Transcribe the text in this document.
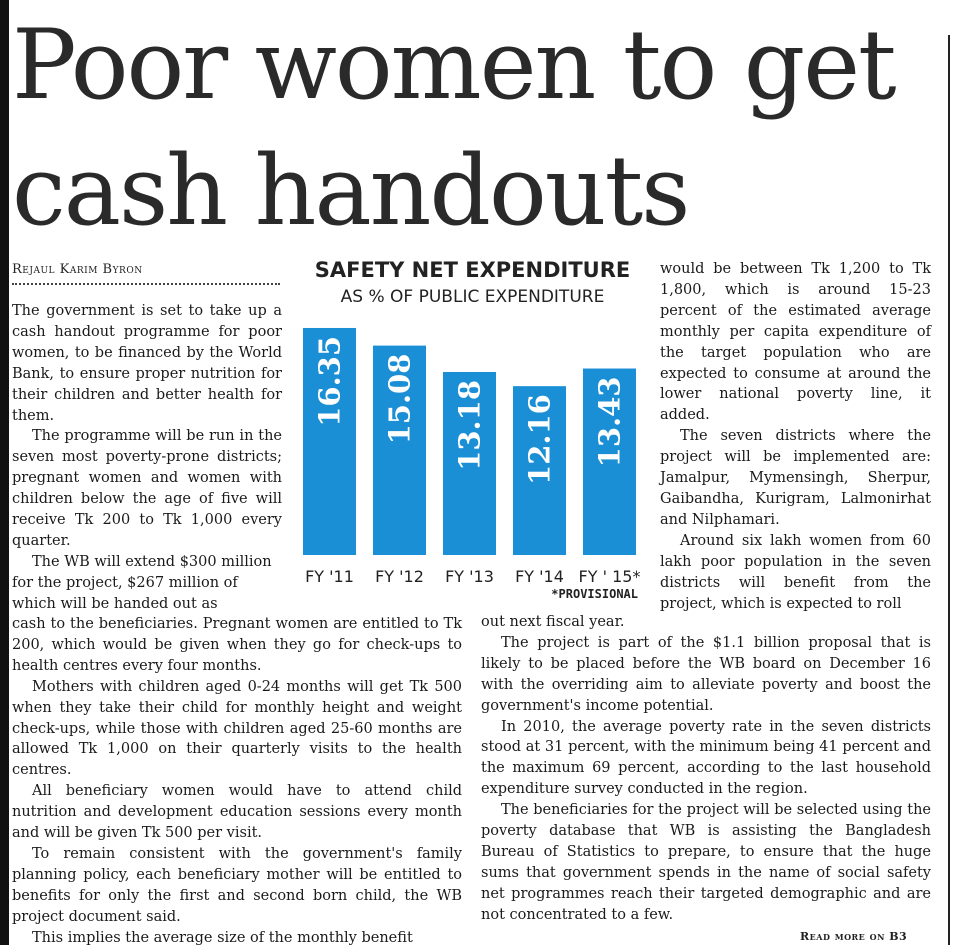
Poor women to get
cash handouts
Rejaul Karim Byron

The government is set to take up a cash handout programme for poor women, to be financed by the World Bank, to ensure proper nutrition for their children and better health for them.

The programme will be run in the seven most poverty-prone districts; pregnant women and women with children below the age of five will receive Tk 200 to Tk 1,000 every quarter.

The WB will extend $300 million for the project, $267 million of which will be handed out as

SAFETY NET EXPENDITURE
AS % OF PUBLIC EXPENDITURE
16.35
FY '11
15.08
FY '12
13.18
FY '13
12.16
FY '14
13.43
FY ' 15*
*PROVISIONAL

would be between Tk 1,200 to Tk 1,800, which is around 15-23 percent of the estimated average monthly per capita expenditure of the target population who are expected to consume at around the lower national poverty line, it added.

The seven districts where the project will be implemented are: Jamalpur, Mymensingh, Sherpur, Gaibandha, Kurigram, Lalmonirhat and Nilphamari.

Around six lakh women from 60 lakh poor population in the seven districts will benefit from the project, which is expected to roll

cash to the beneficiaries. Pregnant women are entitled to Tk 200, which would be given when they go for check-ups to health centres every four months.

Mothers with children aged 0-24 months will get Tk 500 when they take their child for monthly height and weight check-ups, while those with children aged 25-60 months are allowed Tk 1,000 on their quarterly visits to the health centres.

All beneficiary women would have to attend child nutrition and development education sessions every month and will be given Tk 500 per visit.

To remain consistent with the government's family planning policy, each beneficiary mother will be entitled to benefits for only the first and second born child, the WB project document said.

This implies the average size of the monthly benefit

out next fiscal year.

The project is part of the $1.1 billion proposal that is likely to be placed before the WB board on December 16 with the overriding aim to alleviate poverty and boost the government's income potential.

In 2010, the average poverty rate in the seven districts stood at 31 percent, with the minimum being 41 percent and the maximum 69 percent, according to the last household expenditure survey conducted in the region.

The beneficiaries for the project will be selected using the poverty database that WB is assisting the Bangladesh Bureau of Statistics to prepare, to ensure that the huge sums that government spends in the name of social safety net programmes reach their targeted demographic and are not concentrated to a few.

Read more on B3
